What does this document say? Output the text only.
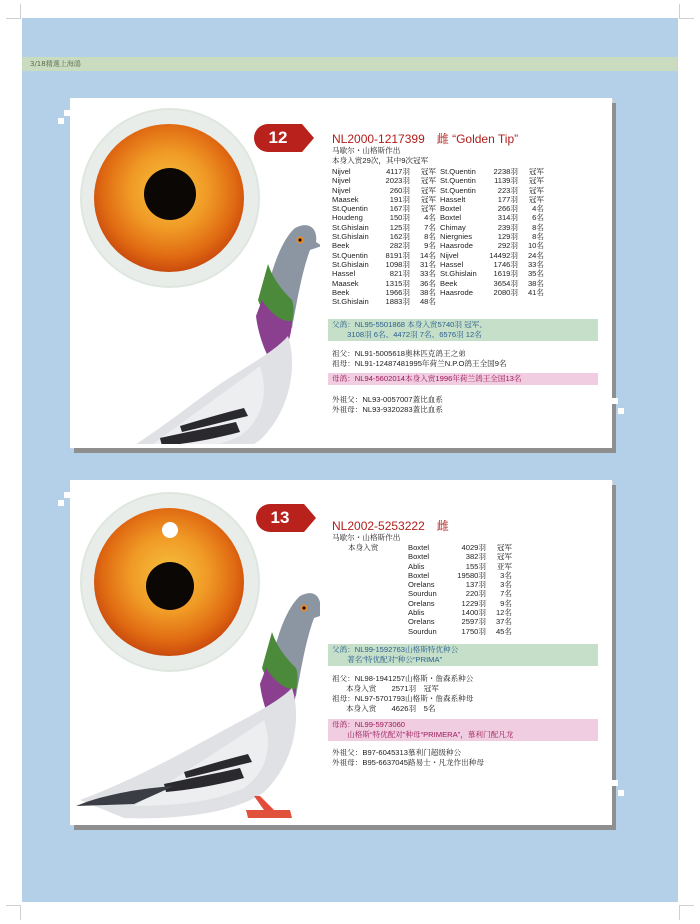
3/18精選上海鴿
12	NL2000-1217399　雌 “Golden Tip”
马歇尔・山格斯作出
本身入赏29次，其中9次冠军
Nijvel	4117羽	冠军
Nijvel	2023羽	冠军
Nijvel	260羽	冠军
Maasek	191羽	冠军
St.Quentin	167羽	冠军
Houdeng	150羽	4名
St.Ghislain	125羽	7名
St.Ghislain	162羽	8名
Beek	282羽	9名
St.Quentin	8191羽	14名
St.Ghislain	1098羽	31名
Hassel	821羽	33名
Maasek	1315羽	36名
Beek	1966羽	38名
St.Ghislain	1883羽	48名
St.Quentin	2238羽	冠军
St.Quentin	1139羽	冠军
St.Quentin	223羽	冠军
Hasselt	177羽	冠军
Boxtel	266羽	4名
Boxtel	314羽	6名
Chimay	239羽	8名
Niergnies	129羽	8名
Haasrode	292羽	10名
Nijvel	14492羽	24名
Hassel	1746羽	33名
St.Ghislain	1619羽	35名
Beek	3654羽	38名
Haasrode	2080羽	41名
父鸽：NL95-5501868 本身入赏5740羽 冠军、
　　3108羽 6名、4472羽 7名、6576羽 12名
祖父：NL91-5005618奥林匹克鸽王之弟
祖母：NL91-12487481995年荷兰N.P.O鸽王全国9名
母鸽：NL94-5602014本身入赏1996年荷兰鸽王全国13名
外祖父：NL93-0057007蓋比血系
外祖母：NL93-9320283蓋比血系
13	NL2002-5253222　雌
马歇尔・山格斯作出
本身入赏	Boxtel	4029羽	冠军
Boxtel	382羽	冠军
Ablis	155羽	亚军
Boxtel	19580羽	3名
Orelans	137羽	3名
Sourdun	220羽	7名
Orelans	1229羽	9名
Ablis	1400羽	12名
Orelans	2597羽	37名
Sourdun	1750羽	45名
父鸽：NL99-1592763山格斯特优种公
　　著名“特优配对”种公“PRIMA”
祖父：NL98-1941257山格斯・詹森系种公
本身入赏　　2571羽　冠军
祖母：NL97-5701793山格斯・詹森系种母
本身入赏　　4626羽　5名
母鸽：NL99-5973060
　　山格斯“特优配对”种母“PRIMERA”，慕利门配凡龙
外祖父：B97-6045313慕利门超级种公
外祖母：B95-6637045路易士・凡龙作出种母
